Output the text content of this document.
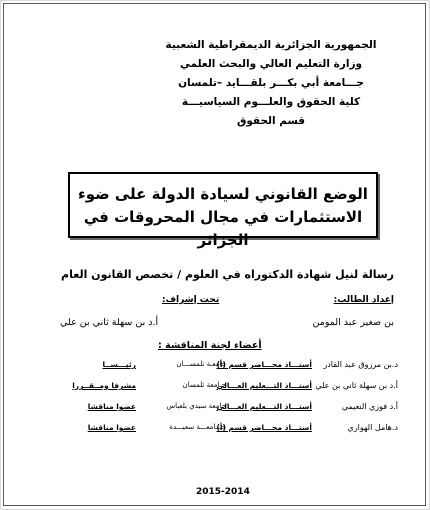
الجمهورية الجزائرية الديمقراطية الشعبية
وزارة التعليم العالي والبحث العلمي
جـــامعة أبي بكـــر بلقـــايد –تلمسان
كلية الحقوق والعلـــوم السياسيـــة
قسم الحقوق
الوضع القانوني لسيادة الدولة على ضوء
الاستثمارات في مجال المحروقات في الجزائر
رسالة لنيل شهادة الدكتوراه في العلوم / تخصص القانون العام
إعداد الطالب:
بن صغير عبد المومن
تحت إشراف:
أ.د بن سهلة ثاني بن علي
أعضاء لجنة المناقشة :
د.بن مرزوق عبد القادر
أستـــاذ محـــاضر قسم (أ)
جامعـة تلمســـان
رئيـــســا
أ.د بن سهلة ثاني بن علي
أستـــاذ التـــعليم العـــالي
جـامعة تلمسان
مشرفا ومــقــررا
أ.د فوزي النعيمي
أستـــاذ التـــعليم العـــالي
جامعة سيدي بلعباس
عضوا مناقشا
د.هامل الهواري
أستـــاذ محـــاضر قسم (أ)
جـــامعـــة سعيـــدة
عضوا مناقشا
2015-2014
